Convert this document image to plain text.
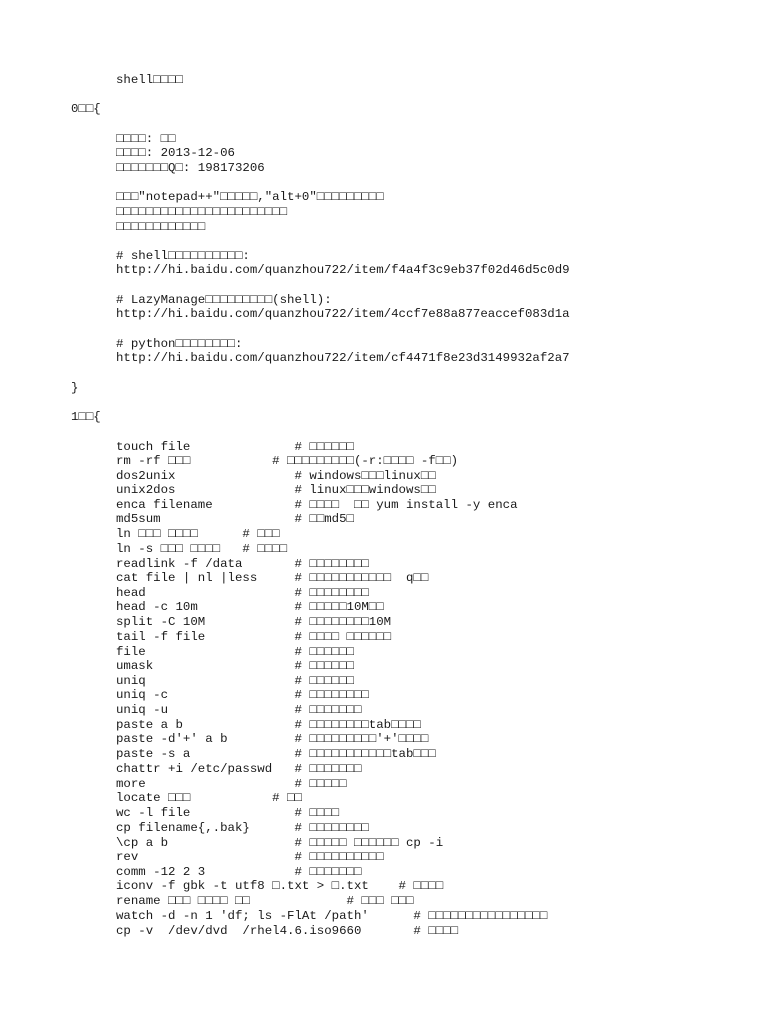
shell□□□□
0□□{
□□□□: □□
□□□□: 2013-12-06
□□□□□□□Q□: 198173206
□□□"notepad++"□□□□□,"alt+0"□□□□□□□□□
□□□□□□□□□□□□□□□□□□□□□□□
□□□□□□□□□□□□
# shell□□□□□□□□□□:
http://hi.baidu.com/quanzhou722/item/f4a4f3c9eb37f02d46d5c0d9
# LazyManage□□□□□□□□□(shell):
http://hi.baidu.com/quanzhou722/item/4ccf7e88a877eaccef083d1a
# python□□□□□□□□:
http://hi.baidu.com/quanzhou722/item/cf4471f8e23d3149932af2a7
}
1□□{
touch file              # □□□□□□
rm -rf □□□           # □□□□□□□□□(-r:□□□□ -f□□)
dos2unix                # windows□□□linux□□
unix2dos                # linux□□□windows□□
enca filename           # □□□□  □□ yum install -y enca
md5sum                  # □□md5□
ln □□□ □□□□      # □□□
ln -s □□□ □□□□   # □□□□
readlink -f /data       # □□□□□□□□
cat file | nl |less     # □□□□□□□□□□□  q□□
head                    # □□□□□□□□
head -c 10m             # □□□□□10M□□
split -C 10M            # □□□□□□□□10M
tail -f file            # □□□□ □□□□□□
file                    # □□□□□□
umask                   # □□□□□□
uniq                    # □□□□□□
uniq -c                 # □□□□□□□□
uniq -u                 # □□□□□□□
paste a b               # □□□□□□□□tab□□□□
paste -d'+' a b         # □□□□□□□□□'+'□□□□
paste -s a              # □□□□□□□□□□□tab□□□
chattr +i /etc/passwd   # □□□□□□□
more                    # □□□□□
locate □□□           # □□
wc -l file              # □□□□
cp filename{,.bak}      # □□□□□□□□
\cp a b                 # □□□□□ □□□□□□ cp -i
rev                     # □□□□□□□□□□
comm -12 2 3            # □□□□□□□
iconv -f gbk -t utf8 □.txt > □.txt    # □□□□
rename □□□ □□□□ □□             # □□□ □□□
watch -d -n 1 'df; ls -FlAt /path'      # □□□□□□□□□□□□□□□□
cp -v  /dev/dvd  /rhel4.6.iso9660       # □□□□
